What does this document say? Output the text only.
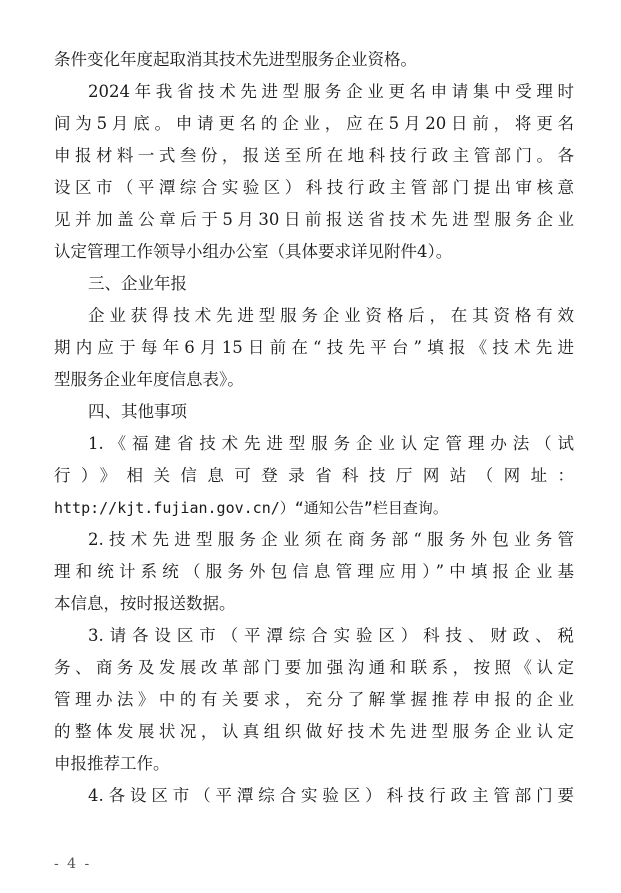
条件变化年度起取消其技术先进型服务企业资格。
2024年我省技术先进型服务企业更名申请集中受理时
间为5月底。申请更名的企业，应在5月20日前，将更名
申报材料一式叁份，报送至所在地科技行政主管部门。各
设区市（平潭综合实验区）科技行政主管部门提出审核意
见并加盖公章后于5月30日前报送省技术先进型服务企业
认定管理工作领导小组办公室（具体要求详见附件4）。
三、企业年报
企业获得技术先进型服务企业资格后，在其资格有效
期内应于每年6月15日前在“技先平台”填报《技术先进
型服务企业年度信息表》。
四、其他事项
1.《福建省技术先进型服务企业认定管理办法（试
行）》相关信息可登录省科技厅网站（网址：
http://kjt.fujian.gov.cn/）“通知公告”栏目查询。
2.技术先进型服务企业须在商务部“服务外包业务管
理和统计系统（服务外包信息管理应用）”中填报企业基
本信息，按时报送数据。
3.请各设区市（平潭综合实验区）科技、财政、税
务、商务及发展改革部门要加强沟通和联系，按照《认定
管理办法》中的有关要求，充分了解掌握推荐申报的企业
的整体发展状况，认真组织做好技术先进型服务企业认定
申报推荐工作。
4.各设区市（平潭综合实验区）科技行政主管部门要
- 4 -
